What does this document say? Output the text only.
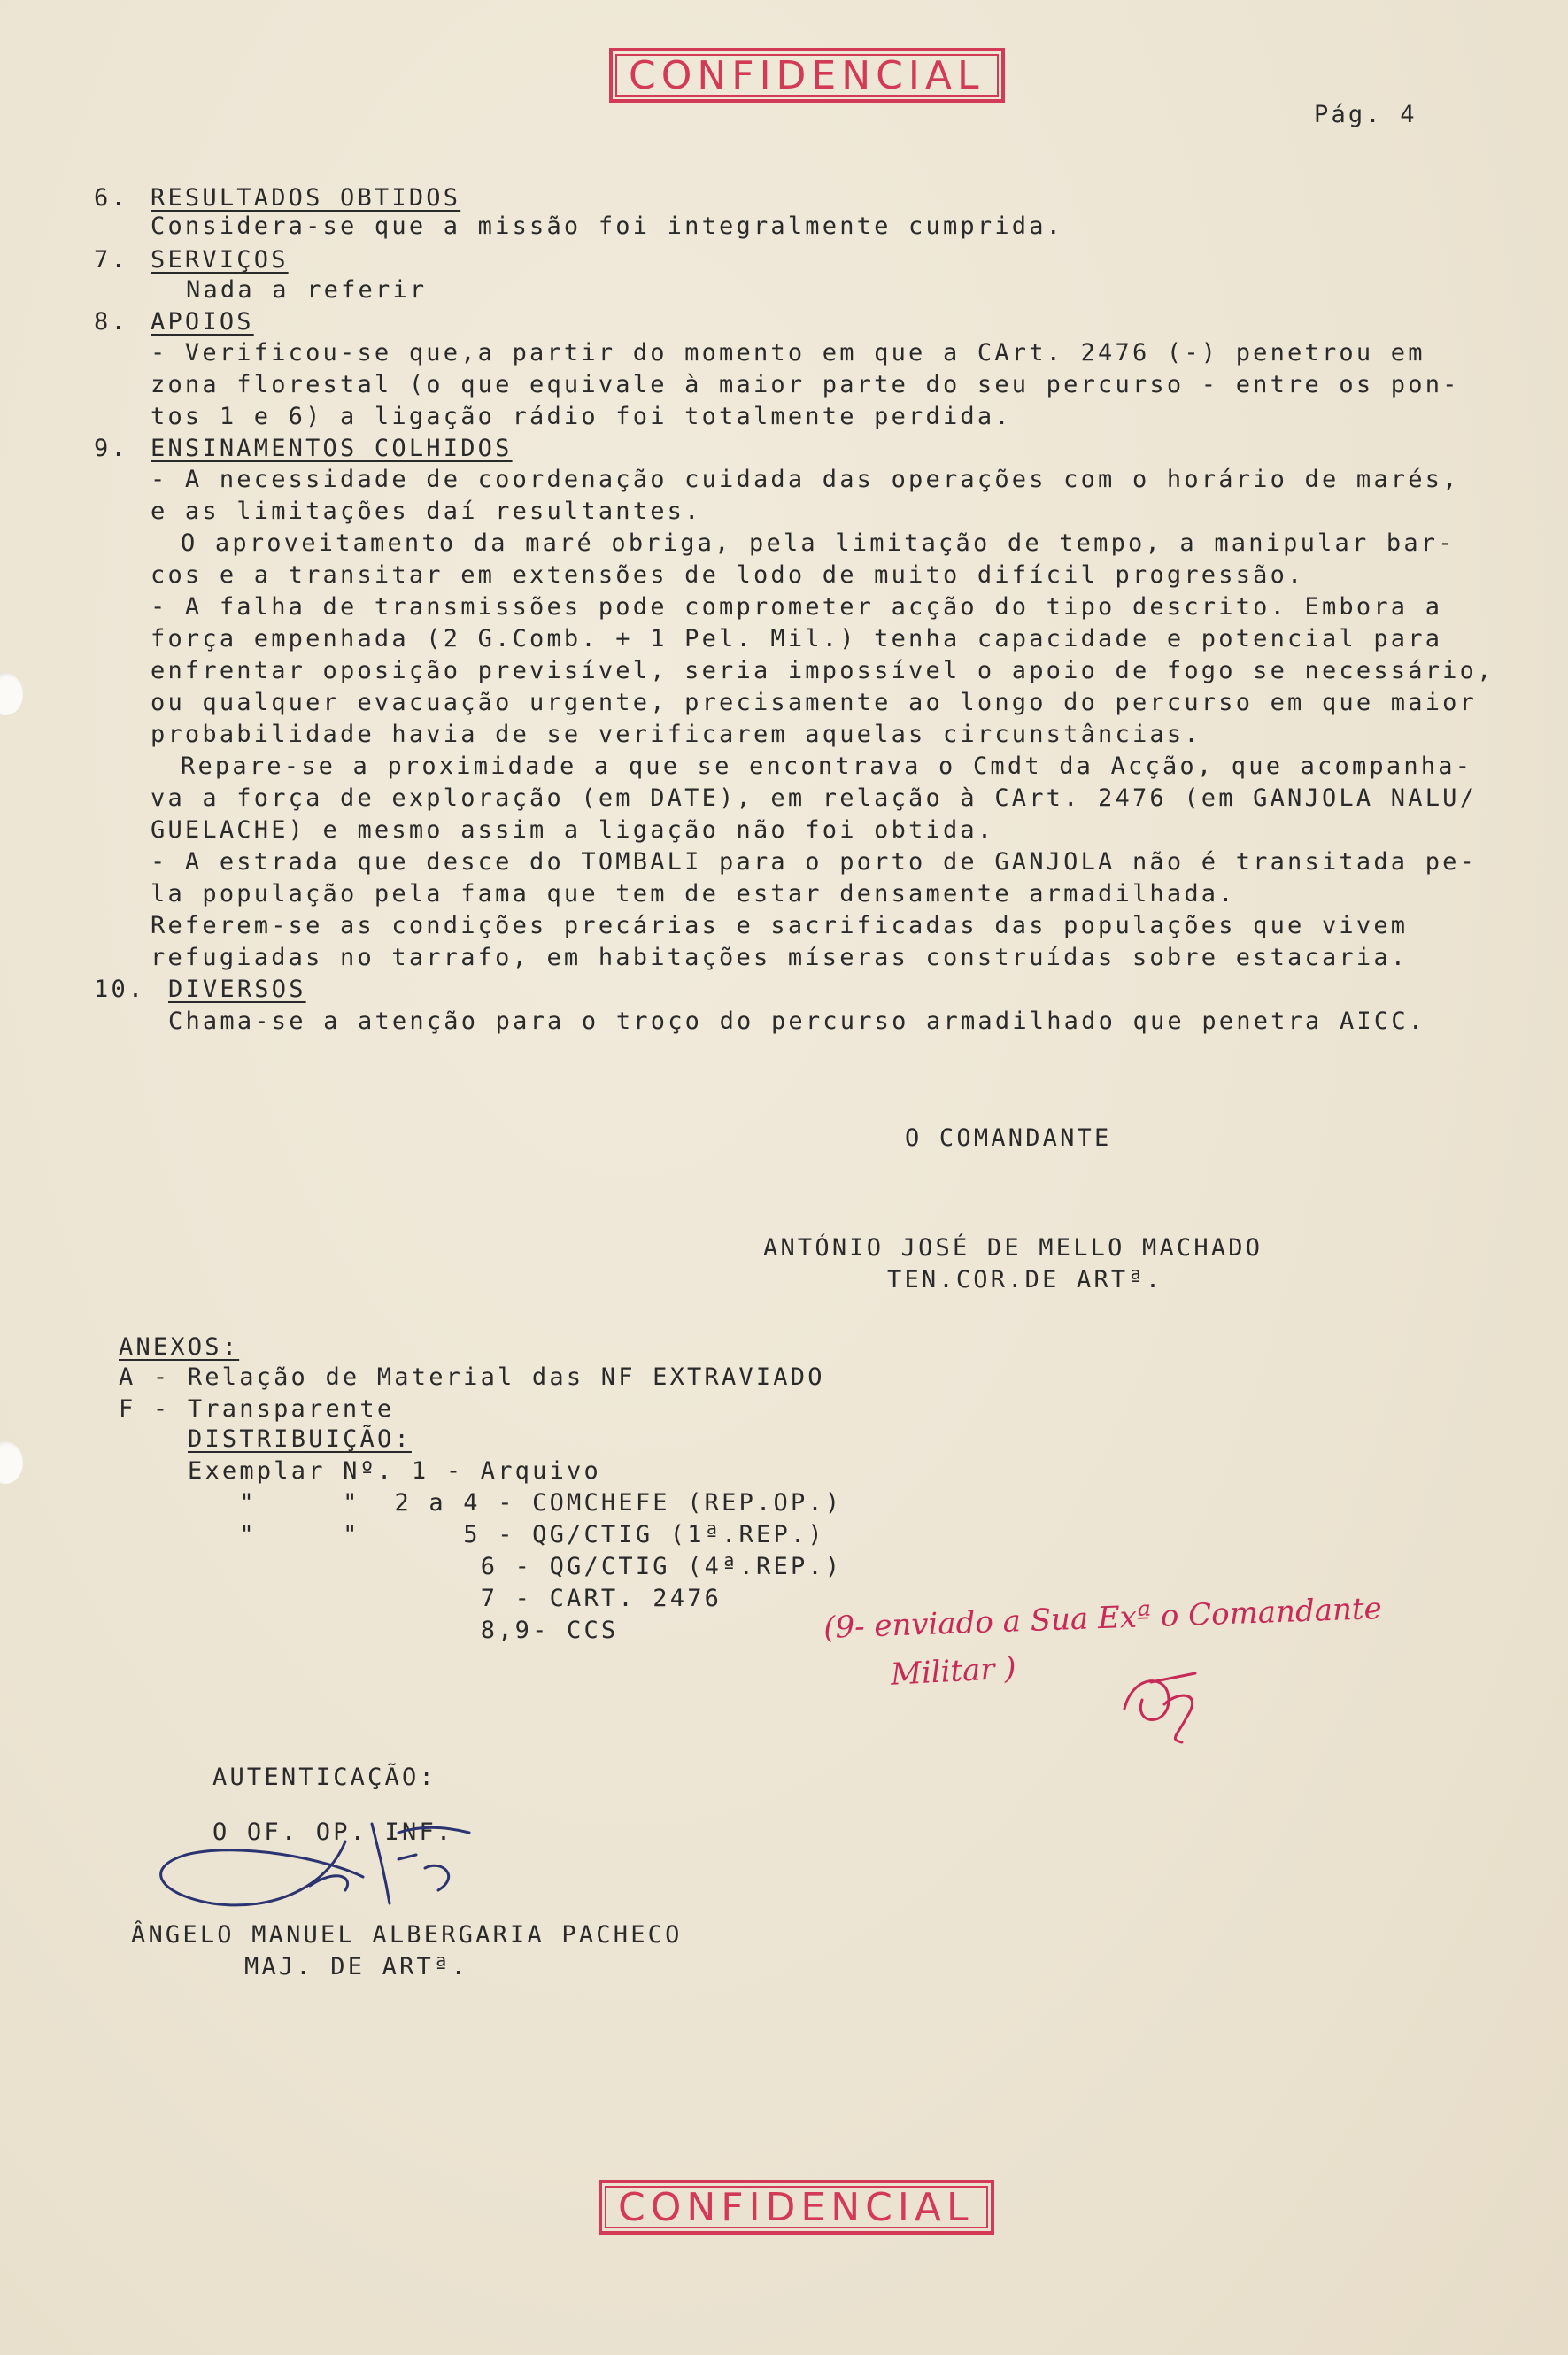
CONFIDENCIAL
Pág. 4
6. RESULTADOS OBTIDOS
Considera-se que a missão foi integralmente cumprida.
7. SERVIÇOS
Nada a referir
8. APOIOS
- Verificou-se que,a partir do momento em que a CArt. 2476 (-) penetrou em
zona florestal (o que equivale à maior parte do seu percurso - entre os pon-
tos 1 e 6) a ligação rádio foi totalmente perdida.
9. ENSINAMENTOS COLHIDOS
- A necessidade de coordenação cuidada das operações com o horário de marés,
e as limitações daí resultantes.
O aproveitamento da maré obriga, pela limitação de tempo, a manipular bar-
cos e a transitar em extensões de lodo de muito difícil progressão.
- A falha de transmissões pode comprometer acção do tipo descrito. Embora a
força empenhada (2 G.Comb. + 1 Pel. Mil.) tenha capacidade e potencial para
enfrentar oposição previsível, seria impossível o apoio de fogo se necessário,
ou qualquer evacuação urgente, precisamente ao longo do percurso em que maior
probabilidade havia de se verificarem aquelas circunstâncias.
Repare-se a proximidade a que se encontrava o Cmdt da Acção, que acompanha-
va a força de exploração (em DATE), em relação à CArt. 2476 (em GANJOLA NALU/
GUELACHE) e mesmo assim a ligação não foi obtida.
- A estrada que desce do TOMBALI para o porto de GANJOLA não é transitada pe-
la população pela fama que tem de estar densamente armadilhada.
Referem-se as condições precárias e sacrificadas das populações que vivem
refugiadas no tarrafo, em habitações míseras construídas sobre estacaria.
10. DIVERSOS
Chama-se a atenção para o troço do percurso armadilhado que penetra AICC.
O COMANDANTE
ANTÓNIO JOSÉ DE MELLO MACHADO
TEN.COR.DE ARTª.
ANEXOS:
A - Relação de Material das NF EXTRAVIADO
F - Transparente
DISTRIBUIÇÃO:
Exemplar Nº. 1 - Arquivo
"     "  2 a 4 - COMCHEFE (REP.OP.)
"     "      5 - QG/CTIG (1ª.REP.)
6 - QG/CTIG (4ª.REP.)
7 - CART. 2476
8,9- CCS	(9- enviado a Sua Exª o Comandante
Militar )
AUTENTICAÇÃO:
O OF. OP. INF.
ÂNGELO MANUEL ALBERGARIA PACHECO
MAJ. DE ARTª.
CONFIDENCIAL
